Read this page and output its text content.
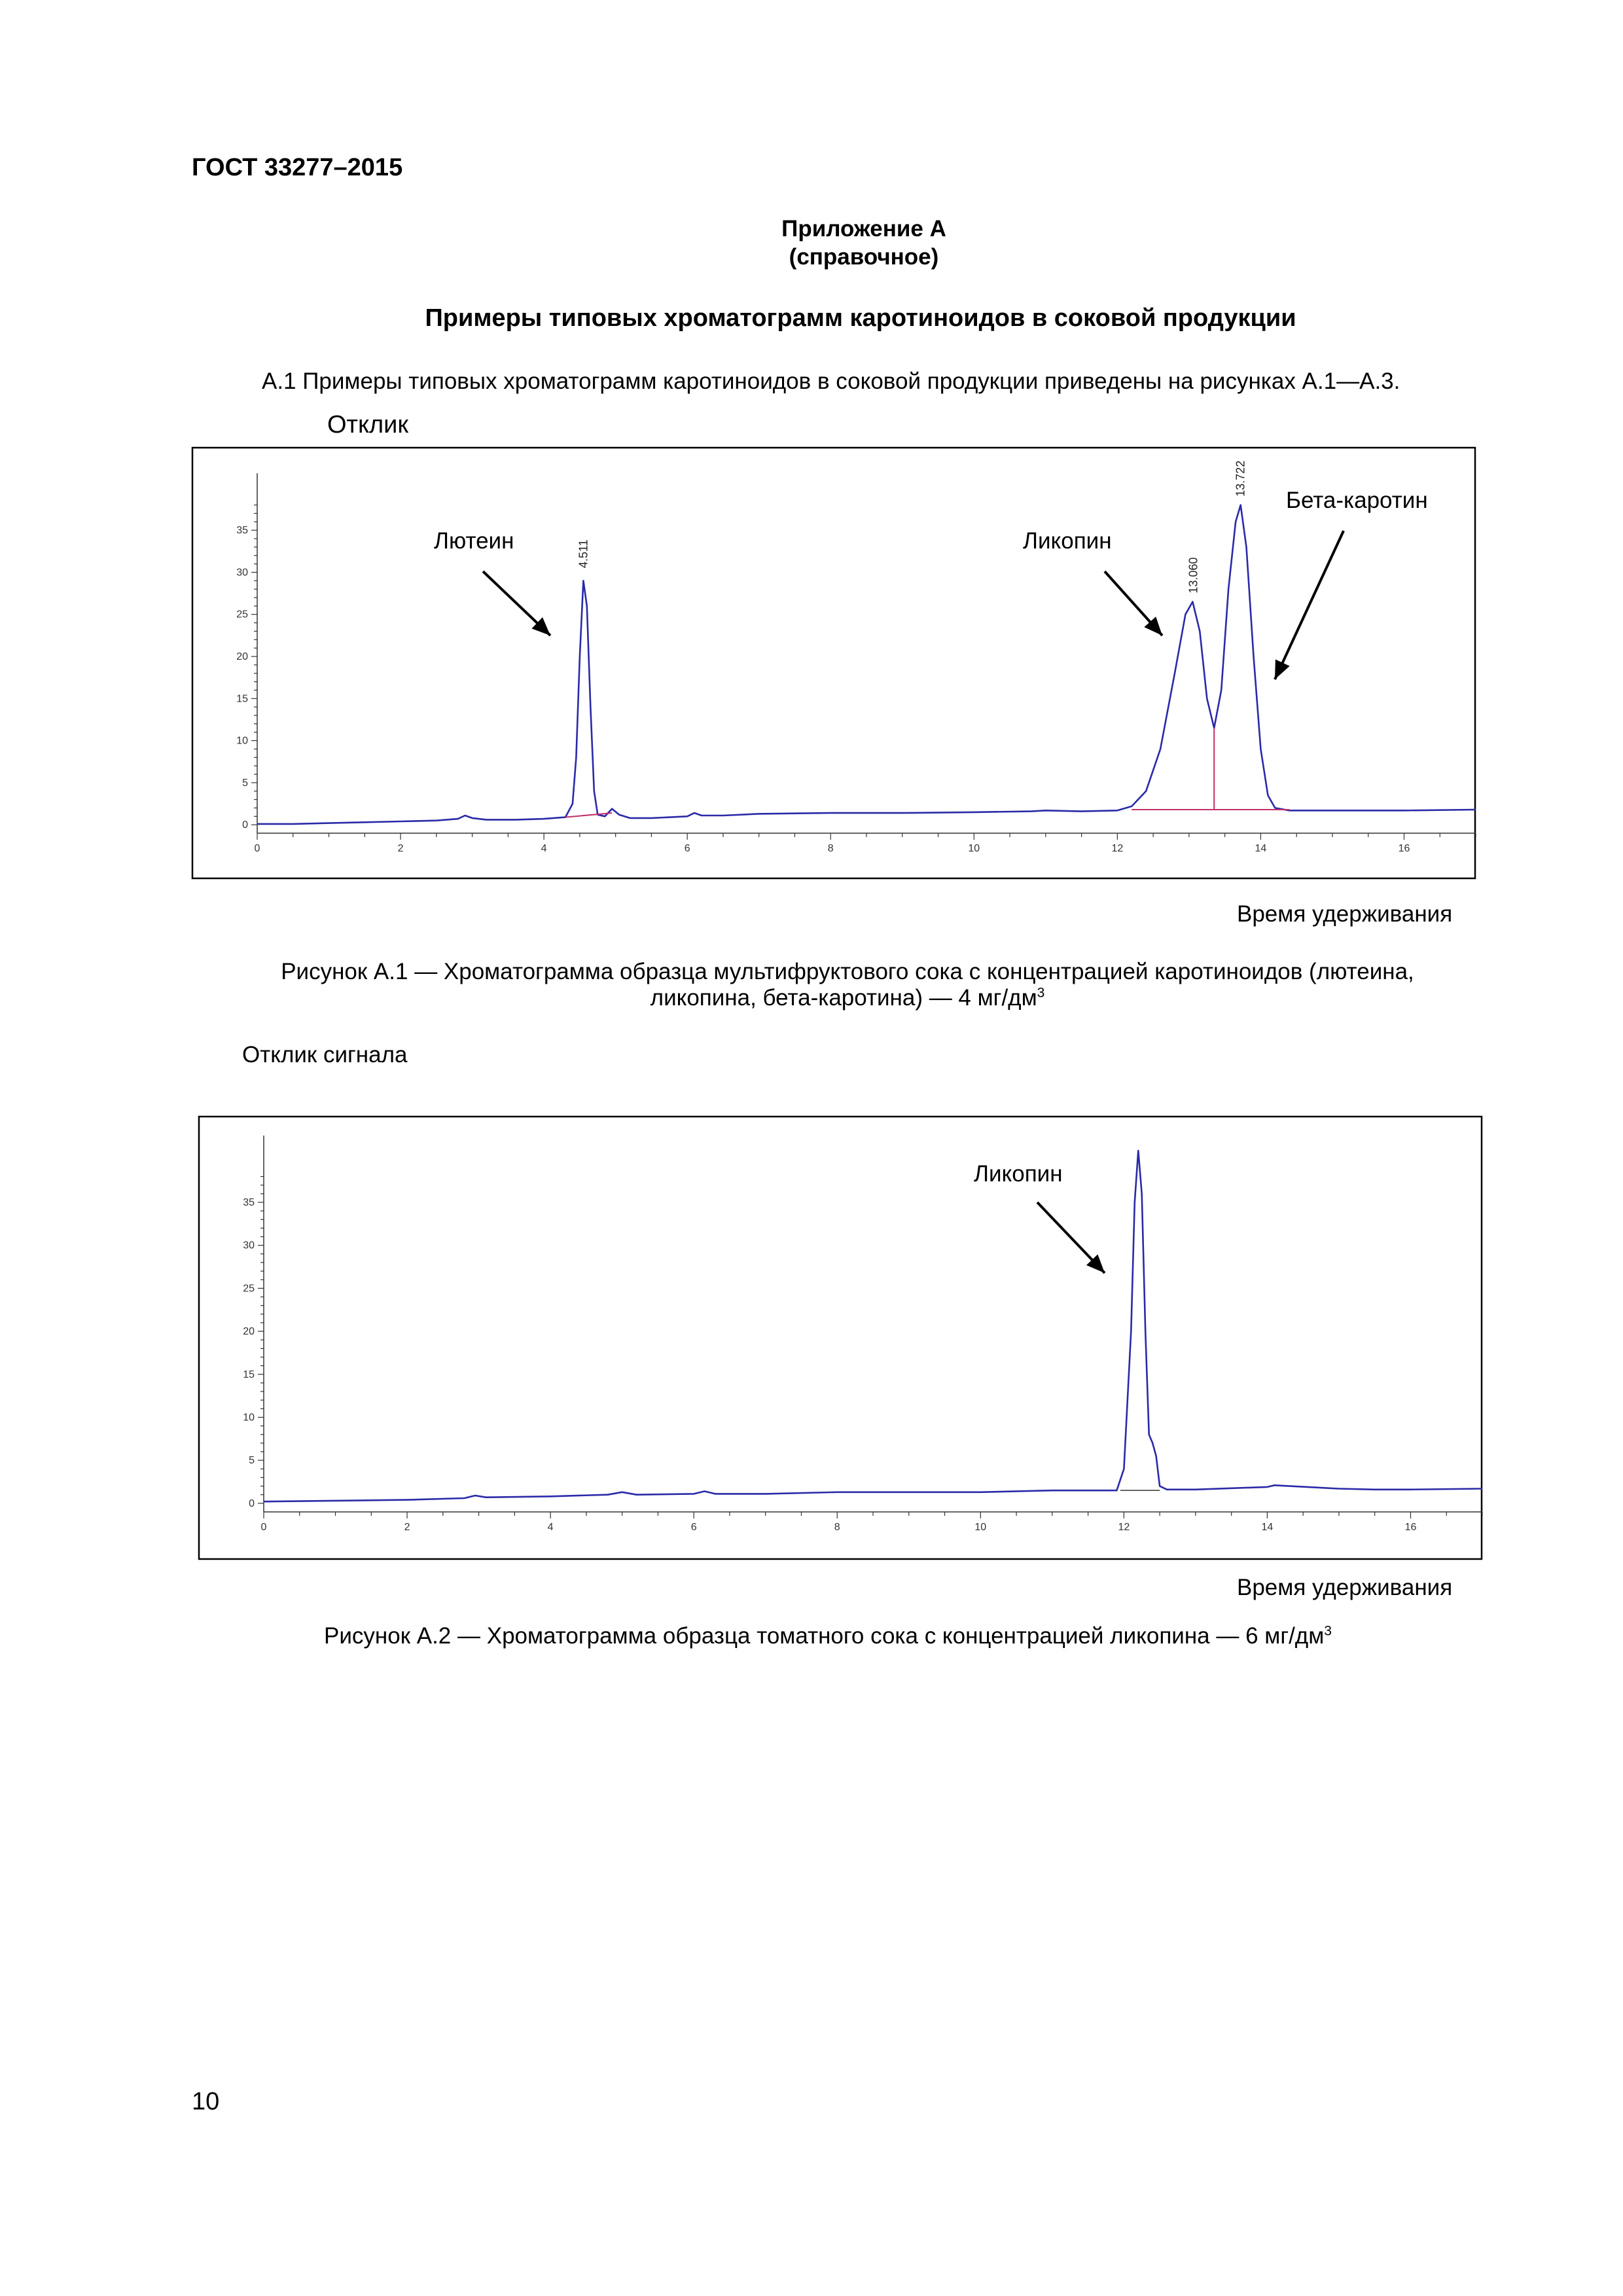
ГОСТ 33277–2015
Приложение А
(справочное)
Примеры типовых хроматограмм каротиноидов в соковой продукции
А.1 Примеры типовых хроматограмм каротиноидов в соковой продукции приведены на рисунках А.1—А.3.
Отклик
0	2	4	6	8	10	12	14	16
0
5
10
15
20
25
30
35
4.511
13.060
13.722
Лютеин	Ликопин
Бета-каротин
Время удерживания
Рисунок А.1 — Хроматограмма образца мультифруктового сока с концентрацией каротиноидов (лютеина,
ликопина, бета-каротина) — 4 $мг/дм^3$
Отклик сигнала
0	2	4	6	8	10	12	14	16
0
5
10
15
20
25
30
35
Ликопин
Время удерживания
Рисунок А.2 — Хроматограмма образца томатного сока с концентрацией ликопина — 6 $мг/дм^3$
10
